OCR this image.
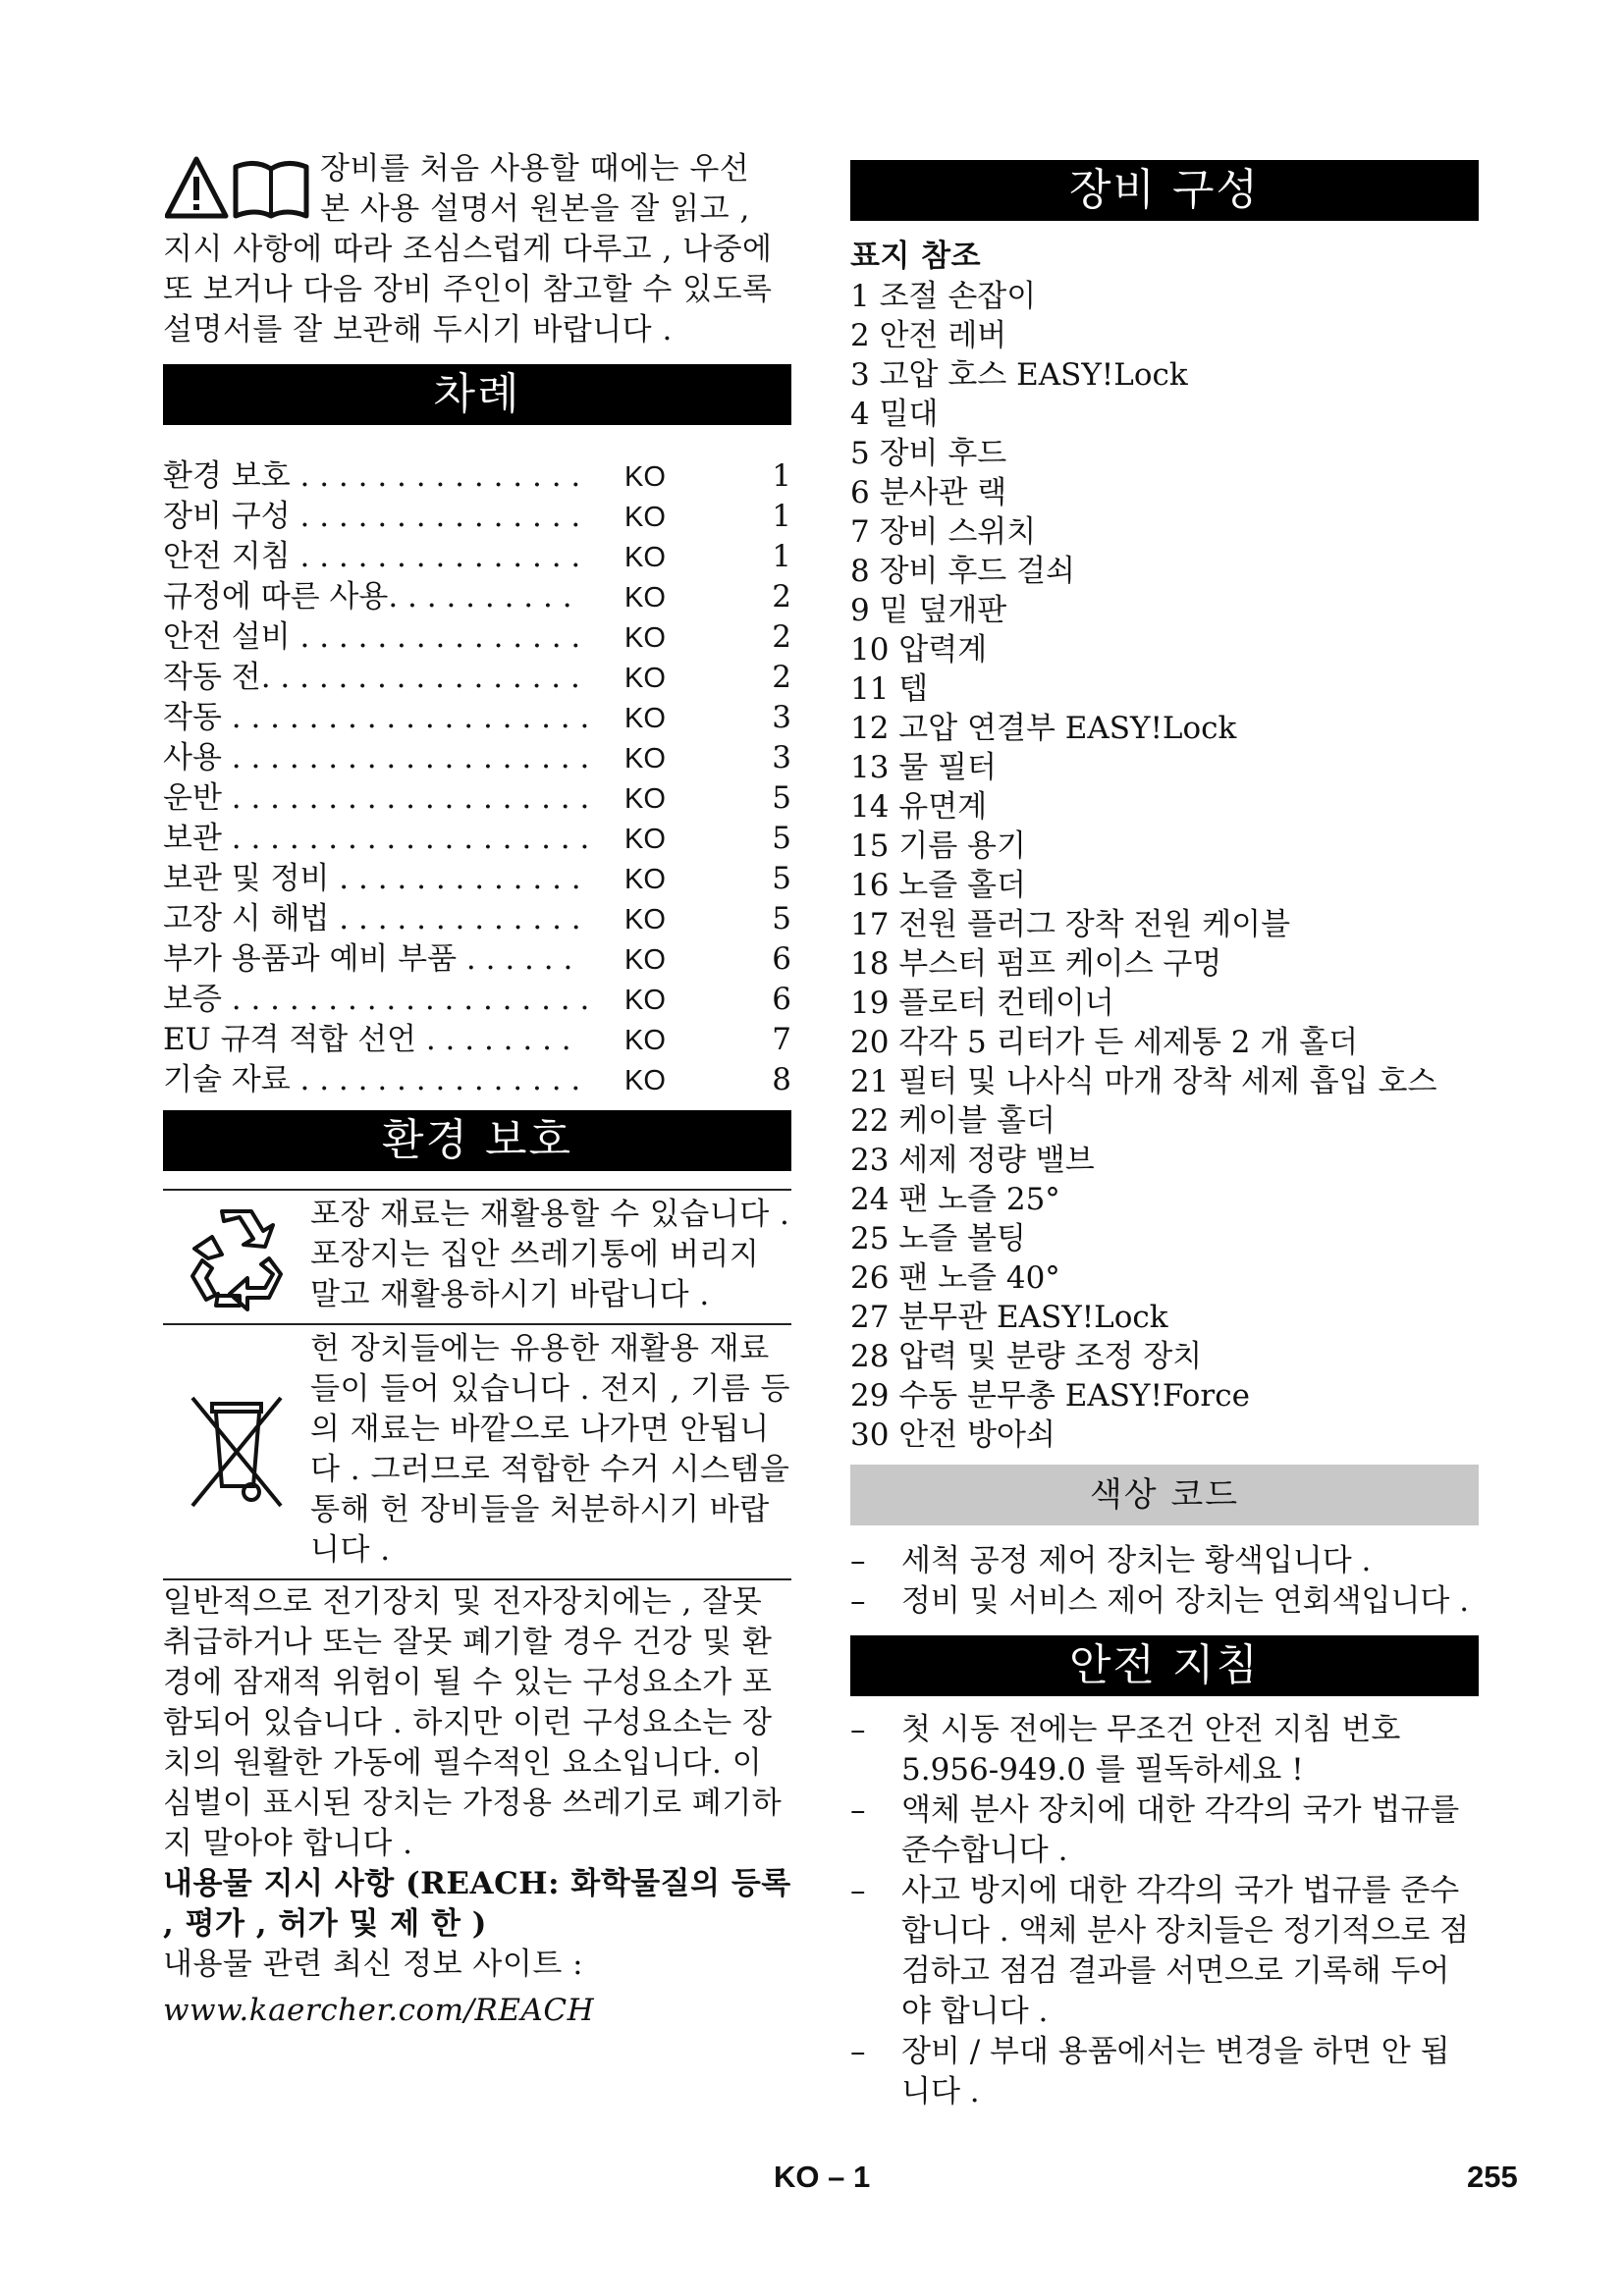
장비를 처음 사용할 때에는 우선

본 사용 설명서 원본을 잘 읽고 ,

지시 사항에 따라 조심스럽게 다루고 , 나중에 또 보거나 다음 장비 주인이 참고할 수 있도록 설명서를 잘 보관해 두시기 바랍니다 .

차례
환경 보호 . . . . . . . . . . . . . . .	KO	1
장비 구성 . . . . . . . . . . . . . . .	KO	1
안전 지침 . . . . . . . . . . . . . . .	KO	1
규정에 따른 사용. . . . . . . . . .	KO	2
안전 설비 . . . . . . . . . . . . . . .	KO	2
작동 전. . . . . . . . . . . . . . . . .	KO	2
작동 . . . . . . . . . . . . . . . . . . .	KO	3
사용 . . . . . . . . . . . . . . . . . . .	KO	3
운반 . . . . . . . . . . . . . . . . . . .	KO	5
보관 . . . . . . . . . . . . . . . . . . .	KO	5
보관 및 정비 . . . . . . . . . . . . .	KO	5
고장 시 해법 . . . . . . . . . . . . .	KO	5
부가 용품과 예비 부품 . . . . . .	KO	6
보증 . . . . . . . . . . . . . . . . . . .	KO	6
EU 규격 적합 선언 . . . . . . . .	KO	7
기술 자료 . . . . . . . . . . . . . . .	KO	8
환경 보호

포장 재료는 재활용할 수 있습니다 . 포장지는 집안 쓰레기통에 버리지 말고 재활용하시기 바랍니다 .

헌 장치들에는 유용한 재활용 재료들이 들어 있습니다 . 전지 , 기름 등의 재료는 바깥으로 나가면 안됩니다 . 그러므로 적합한 수거 시스템을 통해 헌 장비들을 처분하시기 바랍니다 .

일반적으로 전기장치 및 전자장치에는 , 잘못 취급하거나 또는 잘못 폐기할 경우 건강 및 환경에 잠재적 위험이 될 수 있는 구성요소가 포함되어 있습니다 . 하지만 이런 구성요소는 장치의 원활한 가동에 필수적인 요소입니다. 이 심벌이 표시된 장치는 가정용 쓰레기로 폐기하지 말아야 합니다 .

내용물 지시 사항 (REACH: 화학물질의 등록 , 평가 , 허가 및 제 한 )

내용물 관련 최신 정보 사이트 :

www.kaercher.com/REACH

장비 구성

표지 참조

1 조절 손잡이
2 안전 레버
3 고압 호스 EASY!Lock
4 밀대
5 장비 후드
6 분사관 랙
7 장비 스위치
8 장비 후드 걸쇠
9 밑 덮개판
10 압력계
11 텝
12 고압 연결부 EASY!Lock
13 물 필터
14 유면계
15 기름 용기
16 노즐 홀더
17 전원 플러그 장착 전원 케이블
18 부스터 펌프 케이스 구멍
19 플로터 컨테이너
20 각각 5 리터가 든 세제통 2 개 홀더
21 필터 및 나사식 마개 장착 세제 흡입 호스
22 케이블 홀더
23 세제 정량 밸브
24 팬 노즐 25°
25 노즐 볼팅
26 팬 노즐 40°
27 분무관 EASY!Lock
28 압력 및 분량 조정 장치
29 수동 분무총 EASY!Force
30 안전 방아쇠
색상 코드
–	세척 공정 제어 장치는 황색입니다 .
–	정비 및 서비스 제어 장치는 연회색입니다 .
안전 지침
–	첫 시동 전에는 무조건 안전 지침 번호 5.956-949.0 를 필독하세요 !
–	액체 분사 장치에 대한 각각의 국가 법규를 준수합니다 .
–	사고 방지에 대한 각각의 국가 법규를 준수합니다 . 액체 분사 장치들은 정기적으로 점검하고 점검 결과를 서면으로 기록해 두어야 합니다 .
–	장비 / 부대 용품에서는 변경을 하면 안 됩니다 .
KO – 1	255
